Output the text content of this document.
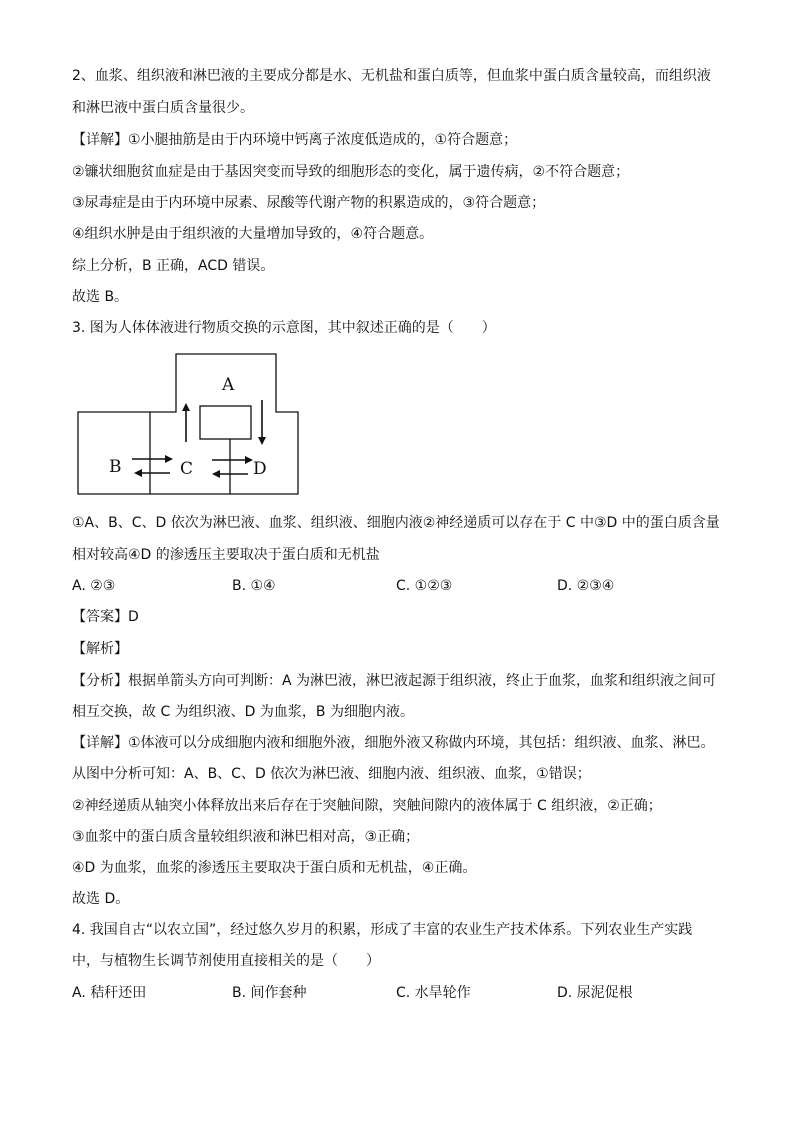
2、血浆、组织液和淋巴液的主要成分都是水、无机盐和蛋白质等，但血浆中蛋白质含量较高，而组织液
和淋巴液中蛋白质含量很少。
【详解】①小腿抽筋是由于内环境中钙离子浓度低造成的，①符合题意；
②镰状细胞贫血症是由于基因突变而导致的细胞形态的变化，属于遗传病，②不符合题意；
③尿毒症是由于内环境中尿素、尿酸等代谢产物的积累造成的，③符合题意；
④组织水肿是由于组织液的大量增加导致的，④符合题意。
综上分析，B 正确，ACD 错误。
故选 B。
3. 图为人体体液进行物质交换的示意图，其中叙述正确的是（　　）
A
B	C	D
①A、B、C、D 依次为淋巴液、血浆、组织液、细胞内液②神经递质可以存在于 C 中③D 中的蛋白质含量
相对较高④D 的渗透压主要取决于蛋白质和无机盐
A. ②③	B. ①④	C. ①②③	D. ②③④
【答案】D
【解析】
【分析】根据单箭头方向可判断：A 为淋巴液，淋巴液起源于组织液，终止于血浆，血浆和组织液之间可
相互交换，故 C 为组织液、D 为血浆，B 为细胞内液。
【详解】①体液可以分成细胞内液和细胞外液，细胞外液又称做内环境，其包括：组织液、血浆、淋巴。
从图中分析可知：A、B、C、D 依次为淋巴液、细胞内液、组织液、血浆，①错误；
②神经递质从轴突小体释放出来后存在于突触间隙，突触间隙内的液体属于 C 组织液，②正确；
③血浆中的蛋白质含量较组织液和淋巴相对高，③正确；
④D 为血浆，血浆的渗透压主要取决于蛋白质和无机盐，④正确。
故选 D。
4. 我国自古“以农立国”，经过悠久岁月的积累，形成了丰富的农业生产技术体系。下列农业生产实践
中，与植物生长调节剂使用直接相关的是（　　）
A. 秸秆还田	B. 间作套种	C. 水旱轮作	D. 尿泥促根
